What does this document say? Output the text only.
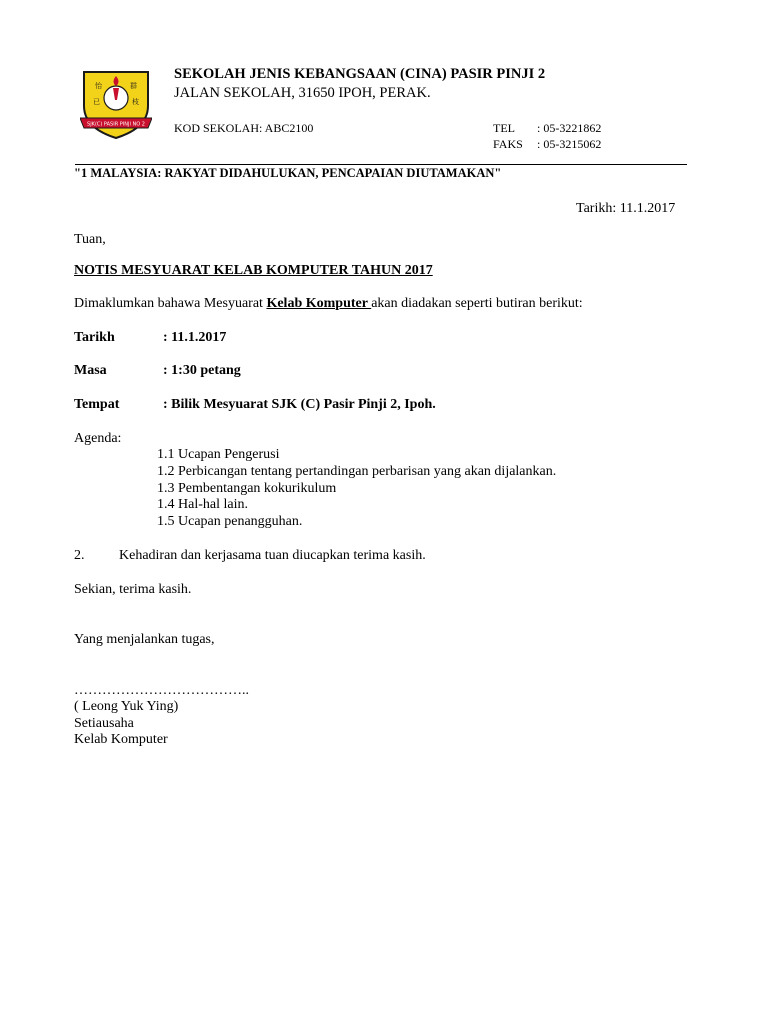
怡	群
已	枝
SJK(C) PASIR PINJI NO 2
SEKOLAH JENIS KEBANGSAAN (CINA) PASIR PINJI 2
JALAN SEKOLAH, 31650 IPOH, PERAK.
KOD SEKOLAH: ABC2100	TEL : 05-3221862
FAKS : 05-3215062
"1 MALAYSIA: RAKYAT DIDAHULUKAN, PENCAPAIAN DIUTAMAKAN"
Tarikh: 11.1.2017
Tuan,
NOTIS MESYUARAT KELAB KOMPUTER TAHUN 2017
Dimaklumkan bahawa Mesyuarat Kelab Komputer akan diadakan seperti butiran berikut:
Tarikh	: 11.1.2017
Masa	: 1:30 petang
Tempat	: Bilik Mesyuarat SJK (C) Pasir Pinji 2, Ipoh.
Agenda:
1.1 Ucapan Pengerusi
1.2 Perbicangan tentang pertandingan perbarisan yang akan dijalankan.
1.3 Pembentangan kokurikulum
1.4 Hal-hal lain.
1.5 Ucapan penangguhan.
2. Kehadiran dan kerjasama tuan diucapkan terima kasih.
Sekian, terima kasih.
Yang menjalankan tugas,
………………………………..
( Leong Yuk Ying)
Setiausaha
Kelab Komputer
